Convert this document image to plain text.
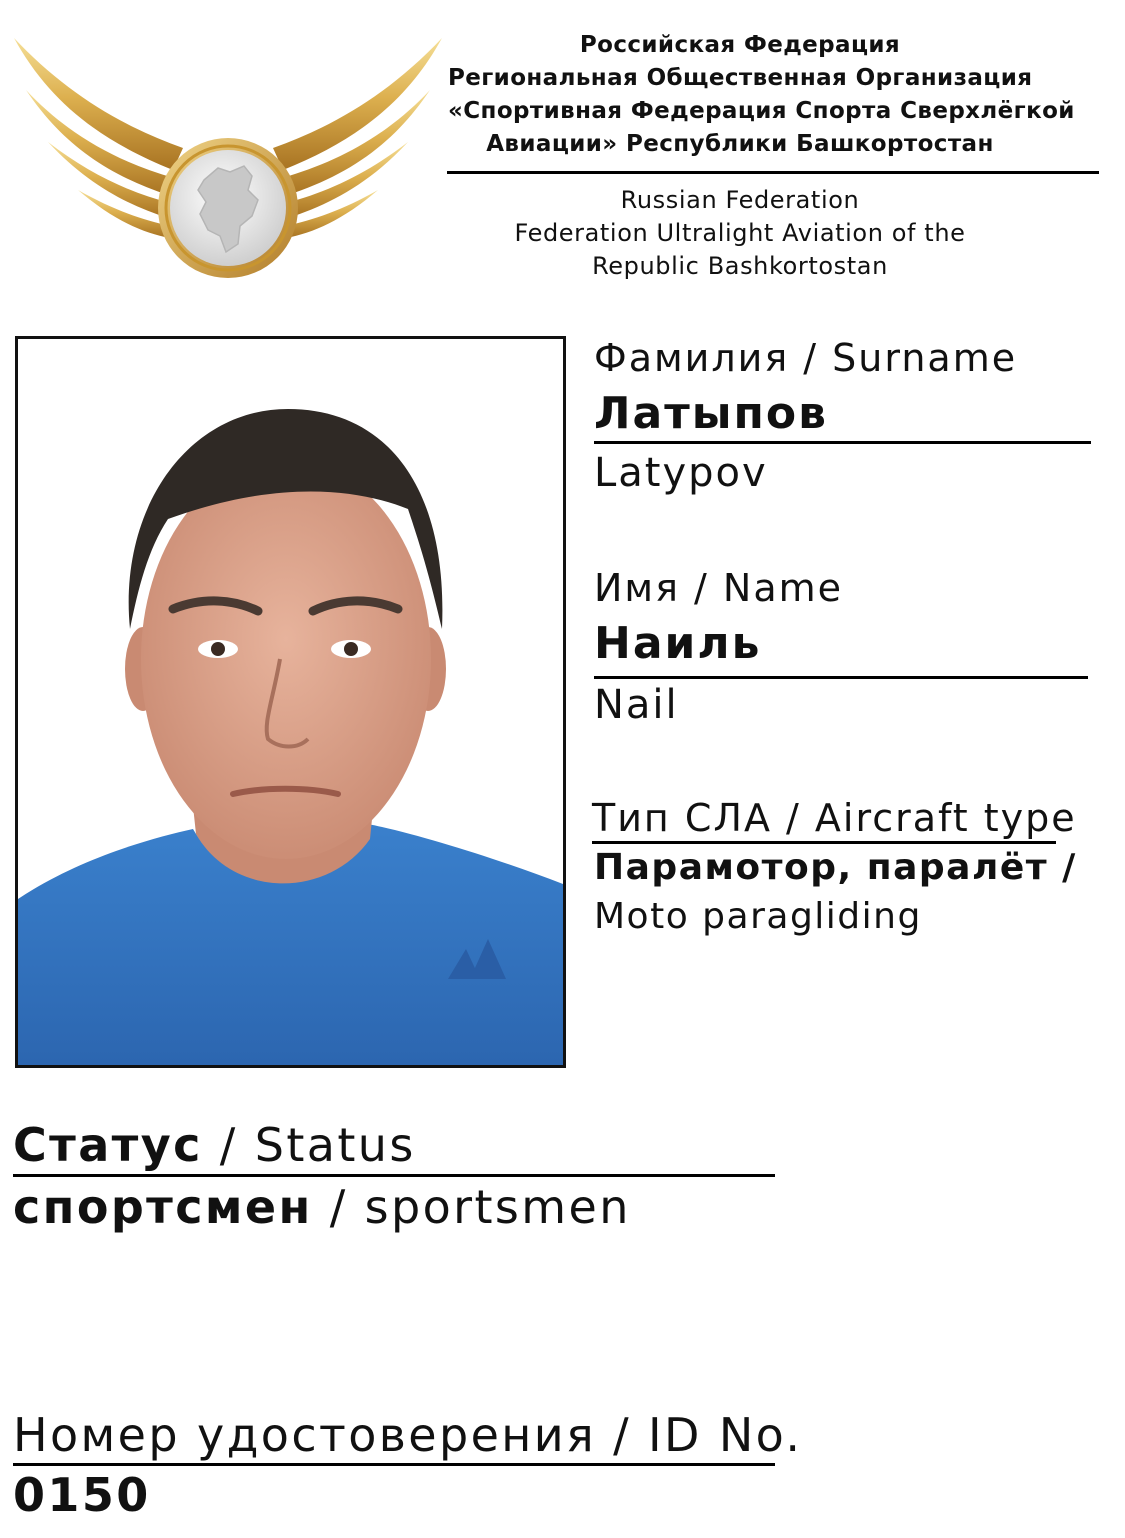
Российская Федерация
Региональная Общественная Организация
«Спортивная Федерация Спорта Сверхлёгкой
Авиации» Республики Башкортостан
Russian Federation
Federation Ultralight Aviation of the
Republic Bashkortostan
Фамилия / Surname
Латыпов
Latypov
Имя / Name
Наиль
Nail
Тип СЛА / Aircraft type
Парамотор, паралёт /
Moto paragliding
Статус / Status
спортсмен / sportsmen
Номер удостоверения / ID No.
0150
